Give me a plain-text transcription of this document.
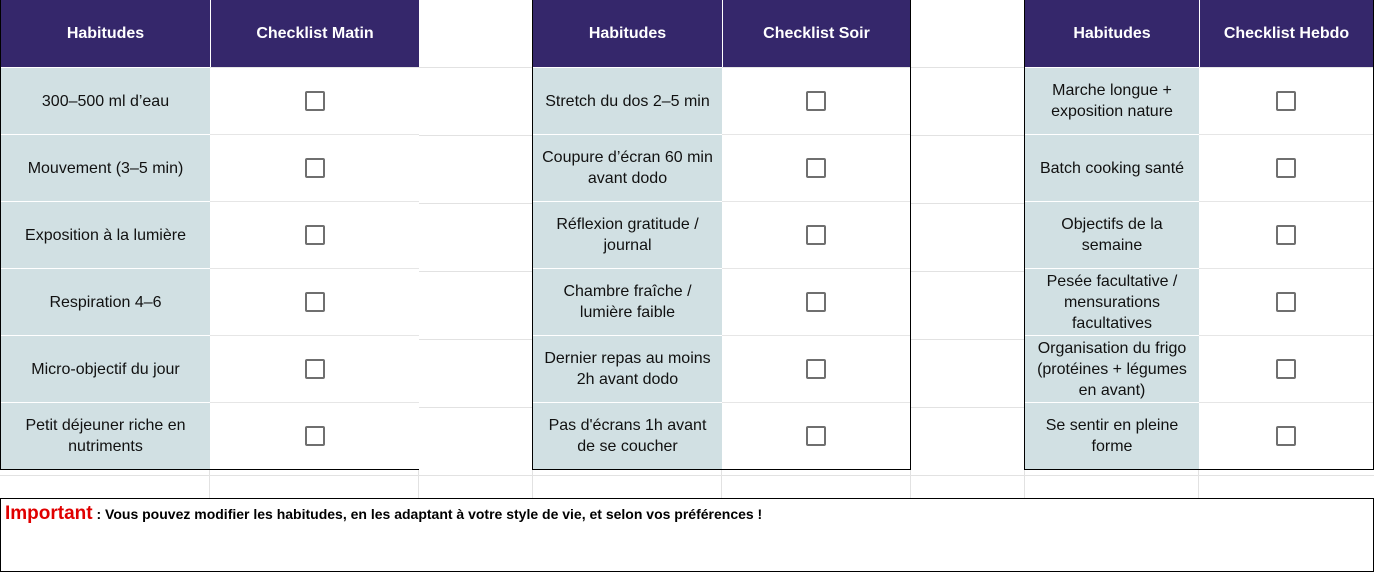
Habitudes	Checklist Matin
300–500 ml d’eau
Mouvement (3–5 min)
Exposition à la lumière
Respiration 4–6
Micro-objectif du jour
Petit déjeuner riche en nutriments
Habitudes	Checklist Soir
Stretch du dos 2–5 min
Coupure d’écran 60 min avant dodo
Réflexion gratitude / journal
Chambre fraîche / lumière faible
Dernier repas au moins 2h avant dodo
Pas d'écrans 1h avant de se coucher
Habitudes	Checklist Hebdo
Marche longue + exposition nature
Batch cooking santé
Objectifs de la semaine
Pesée facultative / mensurations facultatives
Organisation du frigo (protéines + légumes en avant)
Se sentir en pleine forme
Important : Vous pouvez modifier les habitudes, en les adaptant à votre style de vie, et selon vos préférences !
